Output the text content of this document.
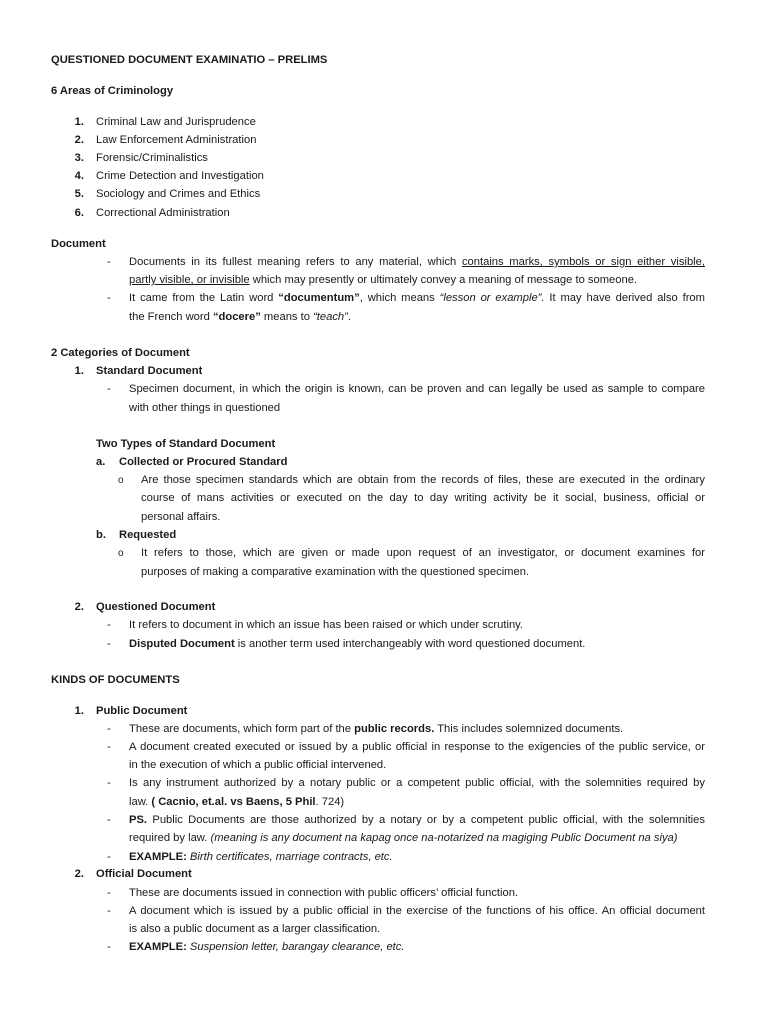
QUESTIONED DOCUMENT EXAMINATIO – PRELIMS
6 Areas of Criminology
1. Criminal Law and Jurisprudence
2. Law Enforcement Administration
3. Forensic/Criminalistics
4. Crime Detection and Investigation
5. Sociology and Crimes and Ethics
6. Correctional Administration
Document
- Documents in its fullest meaning refers to any material, which contains marks, symbols or sign either visible,
partly visible, or invisible which may presently or ultimately convey a meaning of message to someone.
- It came from the Latin word “documentum”, which means “lesson or example”. It may have derived also from
the French word “docere” means to “teach”.
2 Categories of Document
1. Standard Document
- Specimen document, in which the origin is known, can be proven and can legally be used as sample to compare
with other things in questioned
Two Types of Standard Document
a. Collected or Procured Standard
o Are those specimen standards which are obtain from the records of files, these are executed in the ordinary
course of mans activities or executed on the day to day writing activity be it social, business, official or
personal affairs.
b. Requested
o It refers to those, which are given or made upon request of an investigator, or document examines for
purposes of making a comparative examination with the questioned specimen.
2. Questioned Document
- It refers to document in which an issue has been raised or which under scrutiny.
- Disputed Document is another term used interchangeably with word questioned document.
KINDS OF DOCUMENTS
1. Public Document
- These are documents, which form part of the public records. This includes solemnized documents.
- A document created executed or issued by a public official in response to the exigencies of the public service, or
in the execution of which a public official intervened.
- Is any instrument authorized by a notary public or a competent public official, with the solemnities required by
law. ( Cacnio, et.al. vs Baens, 5 Phil. 724)
- PS. Public Documents are those authorized by a notary or by a competent public official, with the solemnities
required by law. (meaning is any document na kapag once na-notarized na magiging Public Document na siya)
- EXAMPLE: Birth certificates, marriage contracts, etc.
2. Official Document
- These are documents issued in connection with public officers’ official function.
- A document which is issued by a public official in the exercise of the functions of his office. An official document
is also a public document as a larger classification.
- EXAMPLE: Suspension letter, barangay clearance, etc.
